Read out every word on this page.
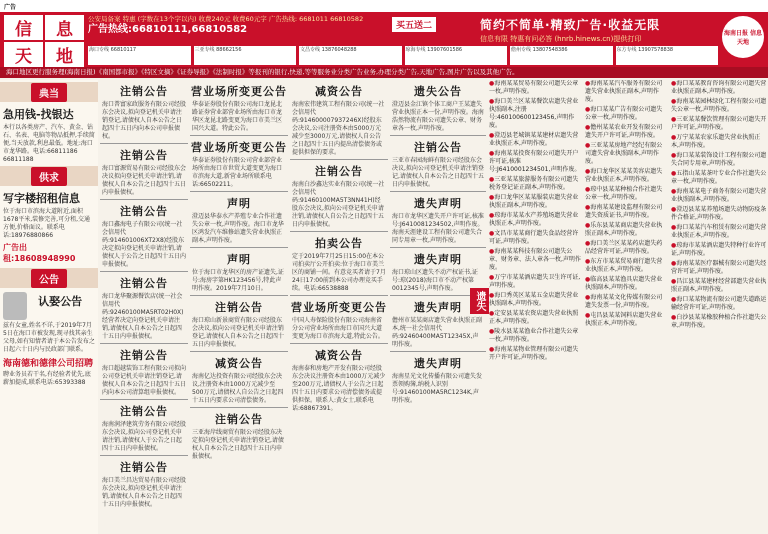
广告
信	息
天	地
公安局备案 特惠 (字数在13个字以内) 收费240元 收费60元字 广告热线: 6681011 66810582
广告热线:66810111,66810582	买五送二	简约不简单·精致广告·收益无限
信息有限 特惠有问必答 (hnrb.hinews.cn)提供打印
海南日报 信息天地
海口专线 66810117	三亚专线 88662156	文昌专线 13876048288	琼海专线 13907601586	儋州专线 13807548386	东方专线 13907578838
海口地区更行服务理(海南日报)《南国都市报》《特区文摘》《证券导报》《法制时报》等报刊的银行,快递,等等服务业分类广告业务,办理分类广告,天地广告,图片广告以及其他广告。
典当
急用钱-找银达
本行以各类房产、汽车、黄金、钻石、名表、电脑等物品抵押,手续简便,当天放款,利息最低。地址:海口市龙华路。电话:66811186 66811188
供求
写字楼招租信息
位于海口市滨海大道附近,面积1678平米,装修完善,可分租,交通方便,价格面议。联系电话:18976880866
广告出租:18608948990
公告
认娶公告
兹有女童,姓名不详,于2019年7月5日在海口市被发现,现寻找其亲生父母,如有知情者请于本公告发布之日起六十日内与民政部门联系。
海南德和德律公司招聘
聘业务员若干名,有经验者优先,底薪加提成,联系电话:65393388
注销公告
海口普富家政服务有限公司经股东会决议,拟向登记机关申请注销登记,请债权人自本公告之日起四十五日内向本公司申报债权。
注销公告
海口富源贸易有限公司经股东会决议拟向登记机关申请注销,请债权人自本公告之日起四十五日内申报债权。
注销公告
海口鑫海电子有限公司(统一社会信用代码:914601006XT2X8)经股东决定拟向登记机关申请注销,请债权人于公告之日起四十五日内申报债权。
注销公告
海口龙华聚源餐饮店(统一社会信用代码:92460100MA5RT02H0X)经营者决定向登记机关申请注销,请债权人自本公告之日起四十五日内申报债权。
注销公告
海口超越装饰工程有限公司拟向公司登记机关申请注销登记,请债权人自本公告之日起四十五日内向本公司清算组申报债权。
注销公告
海南润泽建筑劳务有限公司经股东会决议,拟向公司登记机关申请注销,请债权人于公告之日起四十五日内申报债权。
注销公告
海口美兰昌达贸易有限公司经股东会决议,拟向登记机关申请注销,请债权人自本公告之日起四十五日内申报债权。
营业场所变更公告
华泰证券股份有限公司海口龙昆北路证券营业部营业场所由海口市龙华区龙昆北路变更为海口市美兰区国兴大道。特此公告。
营业场所变更公告
华泰证券股份有限公司营业部营业场所由海口市世贸大道变更为海口市滨海大道,新营业场所联系电话:66502211。
声明
澄迈县华泰水产养殖专业合作社遗失公章一枚,声明作废。海口市龙华区鸿发汽车维修站遗失营业执照正副本,声明作废。
声明
位于海口市龙华区的房产证遗失,证号:海房字第HK123456号,特此声明作废。2019年7月10日。
注销公告
海口琼山新景商贸有限公司经股东会决议,拟向公司登记机关申请注销登记,请债权人自本公告之日起四十五日内申报债权。
减资公告
海南亿达投资有限公司经股东会决议,注册资本由1000万元减少至500万元,请债权人自公告之日起四十五日内要求公司清偿债务。
注销公告
三亚海岸线商贸有限公司经股东决定拟向登记机关申请注销登记,请债权人自本公告之日起四十五日内申报债权。
减资公告
海南宏伟建筑工程有限公司(统一社会信用代码:914600007937246X)经股东会决议,公司注册资本由5000万元减少至3000万元,请债权人自公告之日起四十五日内提出清偿债务或提供担保的要求。
注销公告
海南白沙鑫达实业有限公司(统一社会信用代码:91460100MA5T3NN41H)经股东会决议,拟向公司登记机关申请注销,请债权人自公告之日起四十五日内申报债权。
拍卖公告
定于2019年7月25日15:00在本公司拍卖厅公开拍卖:位于海口市美兰区的商铺一间。有意竞买者请于7月24日17:00前到本公司办理竞买手续。电话:66538888
营业场所变更公告
中国人寿保险股份有限公司海南省分公司营业场所由海口市国兴大道变更为海口市滨海大道,特此公告。
减资公告
海南泰和房地产开发有限公司经股东会决议注册资本由1000万元减少至200万元,请债权人于公告之日起四十五日内要求公司清偿债务或提供担保。联系人:黄女士,联系电话:68867391。
遗失公告
澄迈县金江镇个体工商户王某遗失营业执照正本一份,声明作废。海南浩然物流有限公司遗失公章、财务章各一枚,声明作废。
注销公告
三亚市春园海鲜有限公司经股东会决议,拟向公司登记机关申请注销登记,请债权人自本公告之日起四十五日内申报债权。
遗失声明
海口市龙华区遗失开户许可证,核准号:J6410081234502,声明作废。海南天涯建设工程有限公司遗失合同专用章一枚,声明作废。
遗失声明
海口琼山区遗失不动产权证书,证号:琼(2018)海口市不动产权第0012345号,声明作废。
遗失声明
儋州市某某商店遗失营业执照正副本,统一社会信用代码:92460400MA5T12345X,声明作废。
遗失声明
海南星光文化传播有限公司遗失发票领购簿,纳税人识别号:91460100MA5RC1234K,声明作废。
遗失
●海南某某贸易有限公司遗失公章一枚,声明作废。
●海口美兰区某某餐饮店遗失营业执照副本,注册号:460100600123456,声明作废。
●澄迈县老城镇某某建材店遗失营业执照正本,声明作废。
●海南某某投资有限公司遗失开户许可证,核准号:J6410001234501,声明作废。
●三亚某某旅游服务有限公司遗失税务登记证正副本,声明作废。
●海口龙华区某某服装店遗失营业执照正副本,声明作废。
●琼海市某某水产养殖场遗失营业执照正本,声明作废。
●文昌市某某商行遗失食品经营许可证,声明作废。
●海南某某科技有限公司遗失公章、财务章、法人章各一枚,声明作废。
●万宁市某某酒店遗失卫生许可证,声明作废。
●海口秀英区某某五金店遗失营业执照副本,声明作废。
●定安县某某农资店遗失营业执照正本,声明作废。
●陵水县某某渔业合作社遗失公章一枚,声明作废。
●海南某某物业管理有限公司遗失开户许可证,声明作废。
●海南某某汽车服务有限公司遗失营业执照正副本,声明作废。
●海口某某广告有限公司遗失公章一枚,声明作废。
●儋州某某农业开发有限公司遗失开户许可证,声明作废。
●三亚某某房地产经纪有限公司遗失营业执照副本,声明作废。
●海口龙华区某某美容店遗失营业执照正本,声明作废。
●琼中县某某种植合作社遗失公章一枚,声明作废。
●海南某某建设监理有限公司遗失资质证书,声明作废。
●乐东县某某商店遗失营业执照正副本,声明作废。
●海口美兰区某某药店遗失药品经营许可证,声明作废。
●东方市某某贸易商行遗失营业执照正本,声明作废。
●临高县某某渔具店遗失营业执照副本,声明作废。
●海南某某文化传媒有限公司遗失发票一份,声明作废。
●屯昌县某某饲料店遗失营业执照正本,声明作废。
●海口某某教育咨询有限公司遗失营业执照正副本,声明作废。
●海南某某园林绿化工程有限公司遗失公章一枚,声明作废。
●三亚某某餐饮管理有限公司遗失开户许可证,声明作废。
●万宁某某农家乐遗失营业执照正本,声明作废。
●海口某某装饰设计工程有限公司遗失合同专用章,声明作废。
●五指山某某茶叶专业合作社遗失公章一枚,声明作废。
●海南某某电子商务有限公司遗失营业执照副本,声明作废。
●澄迈县某某养殖场遗失动物防疫条件合格证,声明作废。
●海口某某汽车租赁有限公司遗失营业执照正本,声明作废。
●琼海市某某酒店遗失特种行业许可证,声明作废。
●海南某某医疗器械有限公司遗失经营许可证,声明作废。
●昌江县某某建材经营部遗失营业执照正副本,声明作废。
●海口某某物流有限公司遗失道路运输经营许可证,声明作废。
●白沙县某某橡胶种植合作社遗失公章,声明作废。
